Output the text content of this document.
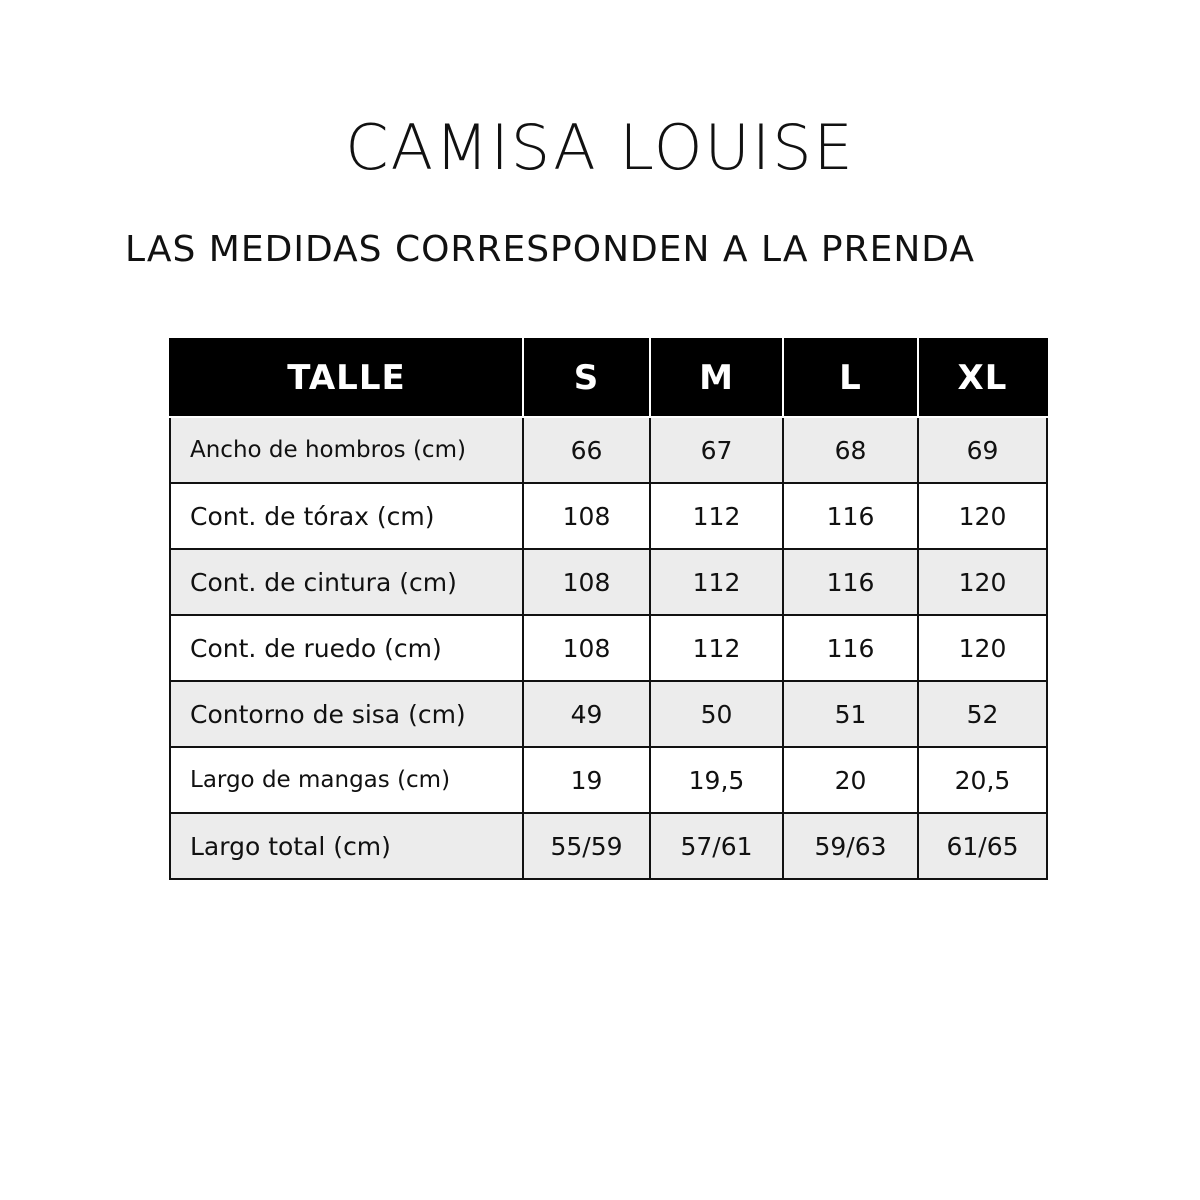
CAMISA LOUISE
LAS MEDIDAS CORRESPONDEN A LA PRENDA
TALLE	S	M	L	XL
Ancho de hombros (cm)	66	67	68	69
Cont. de tórax (cm)	108	112	116	120
Cont. de cintura (cm)	108	112	116	120
Cont. de ruedo (cm)	108	112	116	120
Contorno de sisa (cm)	49	50	51	52
Largo de mangas (cm)	19	19,5	20	20,5
Largo total (cm)	55/59	57/61	59/63	61/65
